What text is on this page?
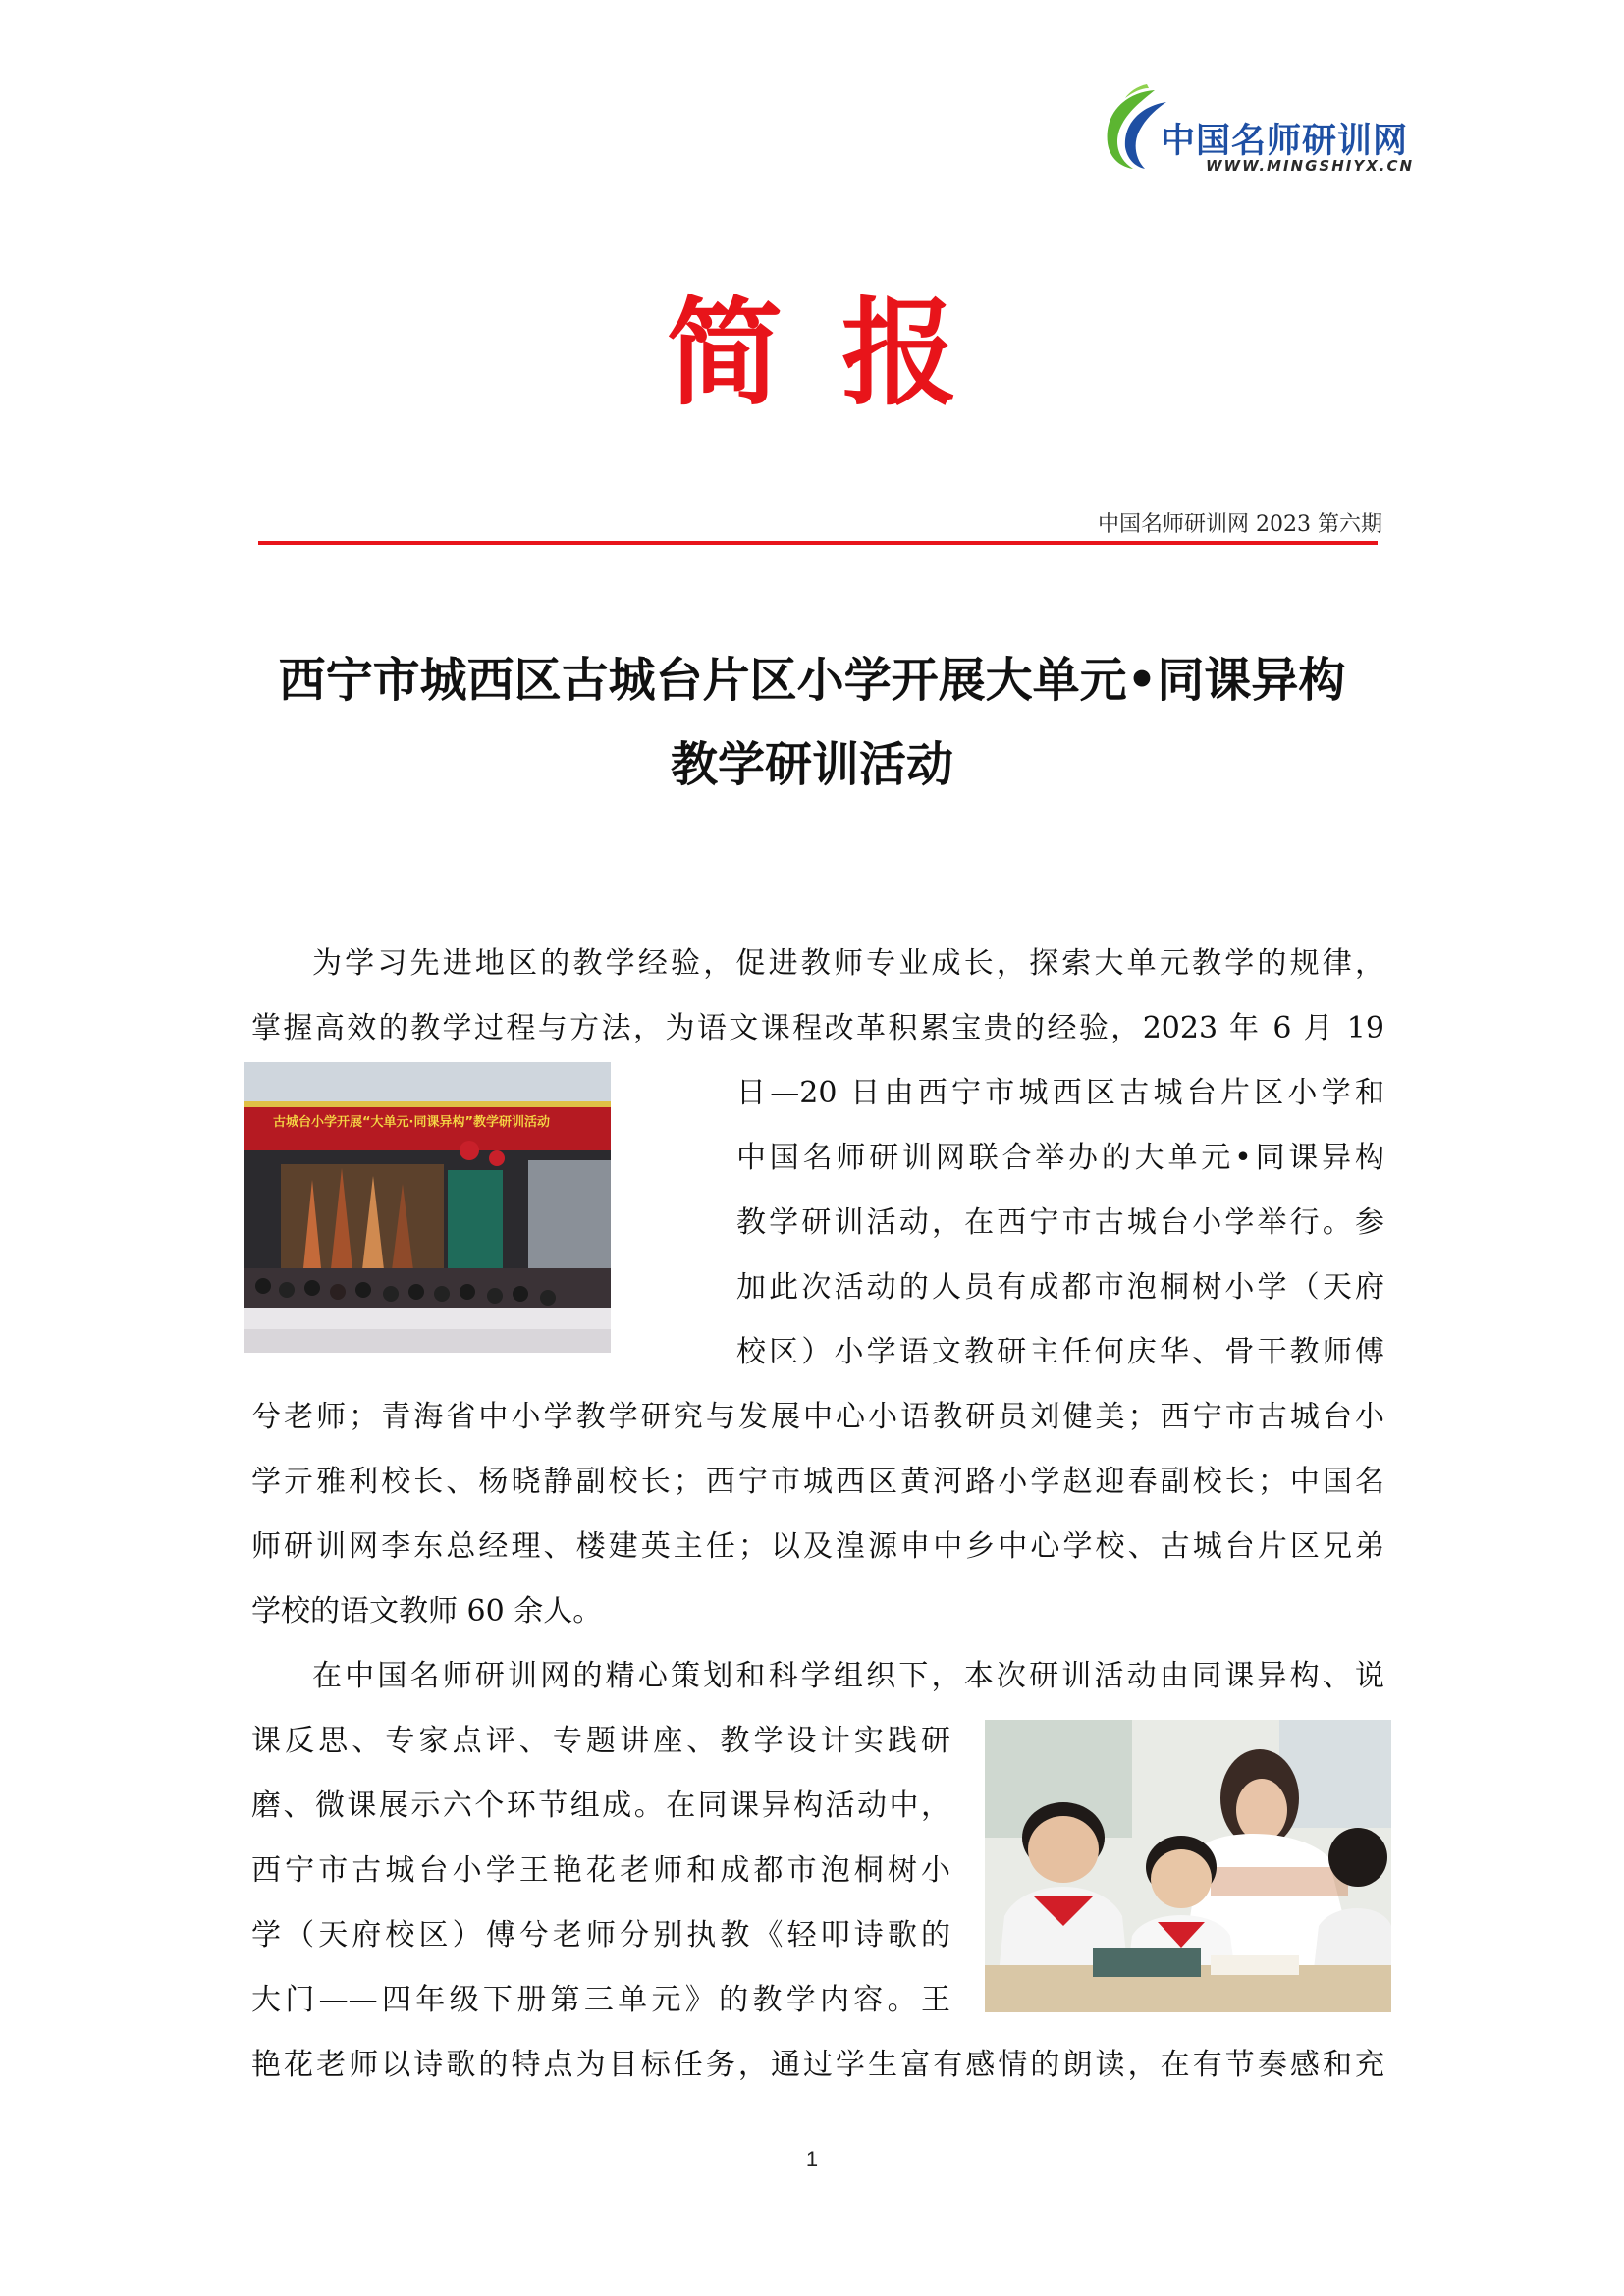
中国名师研训网
WWW.MINGSHIYX.CN
简报
中国名师研训网 2023 第六期
西宁市城西区古城台片区小学开展大单元•同课异构
教学研训活动
古城台小学开展“大单元·同课异构”教学研训活动
为学习先进地区的教学经验，促进教师专业成长，探索大单元教学的规律，
掌握高效的教学过程与方法，为语文课程改革积累宝贵的经验，2023 年 6 月 19
日—20 日由西宁市城西区古城台片区小学和
中国名师研训网联合举办的大单元•同课异构
教学研训活动，在西宁市古城台小学举行。参
加此次活动的人员有成都市泡桐树小学（天府
校区）小学语文教研主任何庆华、骨干教师傅
兮老师；青海省中小学教学研究与发展中心小语教研员刘健美；西宁市古城台小
学亓雅利校长、杨晓静副校长；西宁市城西区黄河路小学赵迎春副校长；中国名
师研训网李东总经理、楼建英主任；以及湟源申中乡中心学校、古城台片区兄弟
学校的语文教师 60 余人。
在中国名师研训网的精心策划和科学组织下，本次研训活动由同课异构、说
课反思、专家点评、专题讲座、教学设计实践研
磨、微课展示六个环节组成。在同课异构活动中，
西宁市古城台小学王艳花老师和成都市泡桐树小
学（天府校区）傅兮老师分别执教《轻叩诗歌的
大门——四年级下册第三单元》的教学内容。王
艳花老师以诗歌的特点为目标任务，通过学生富有感情的朗读，在有节奏感和充
1
